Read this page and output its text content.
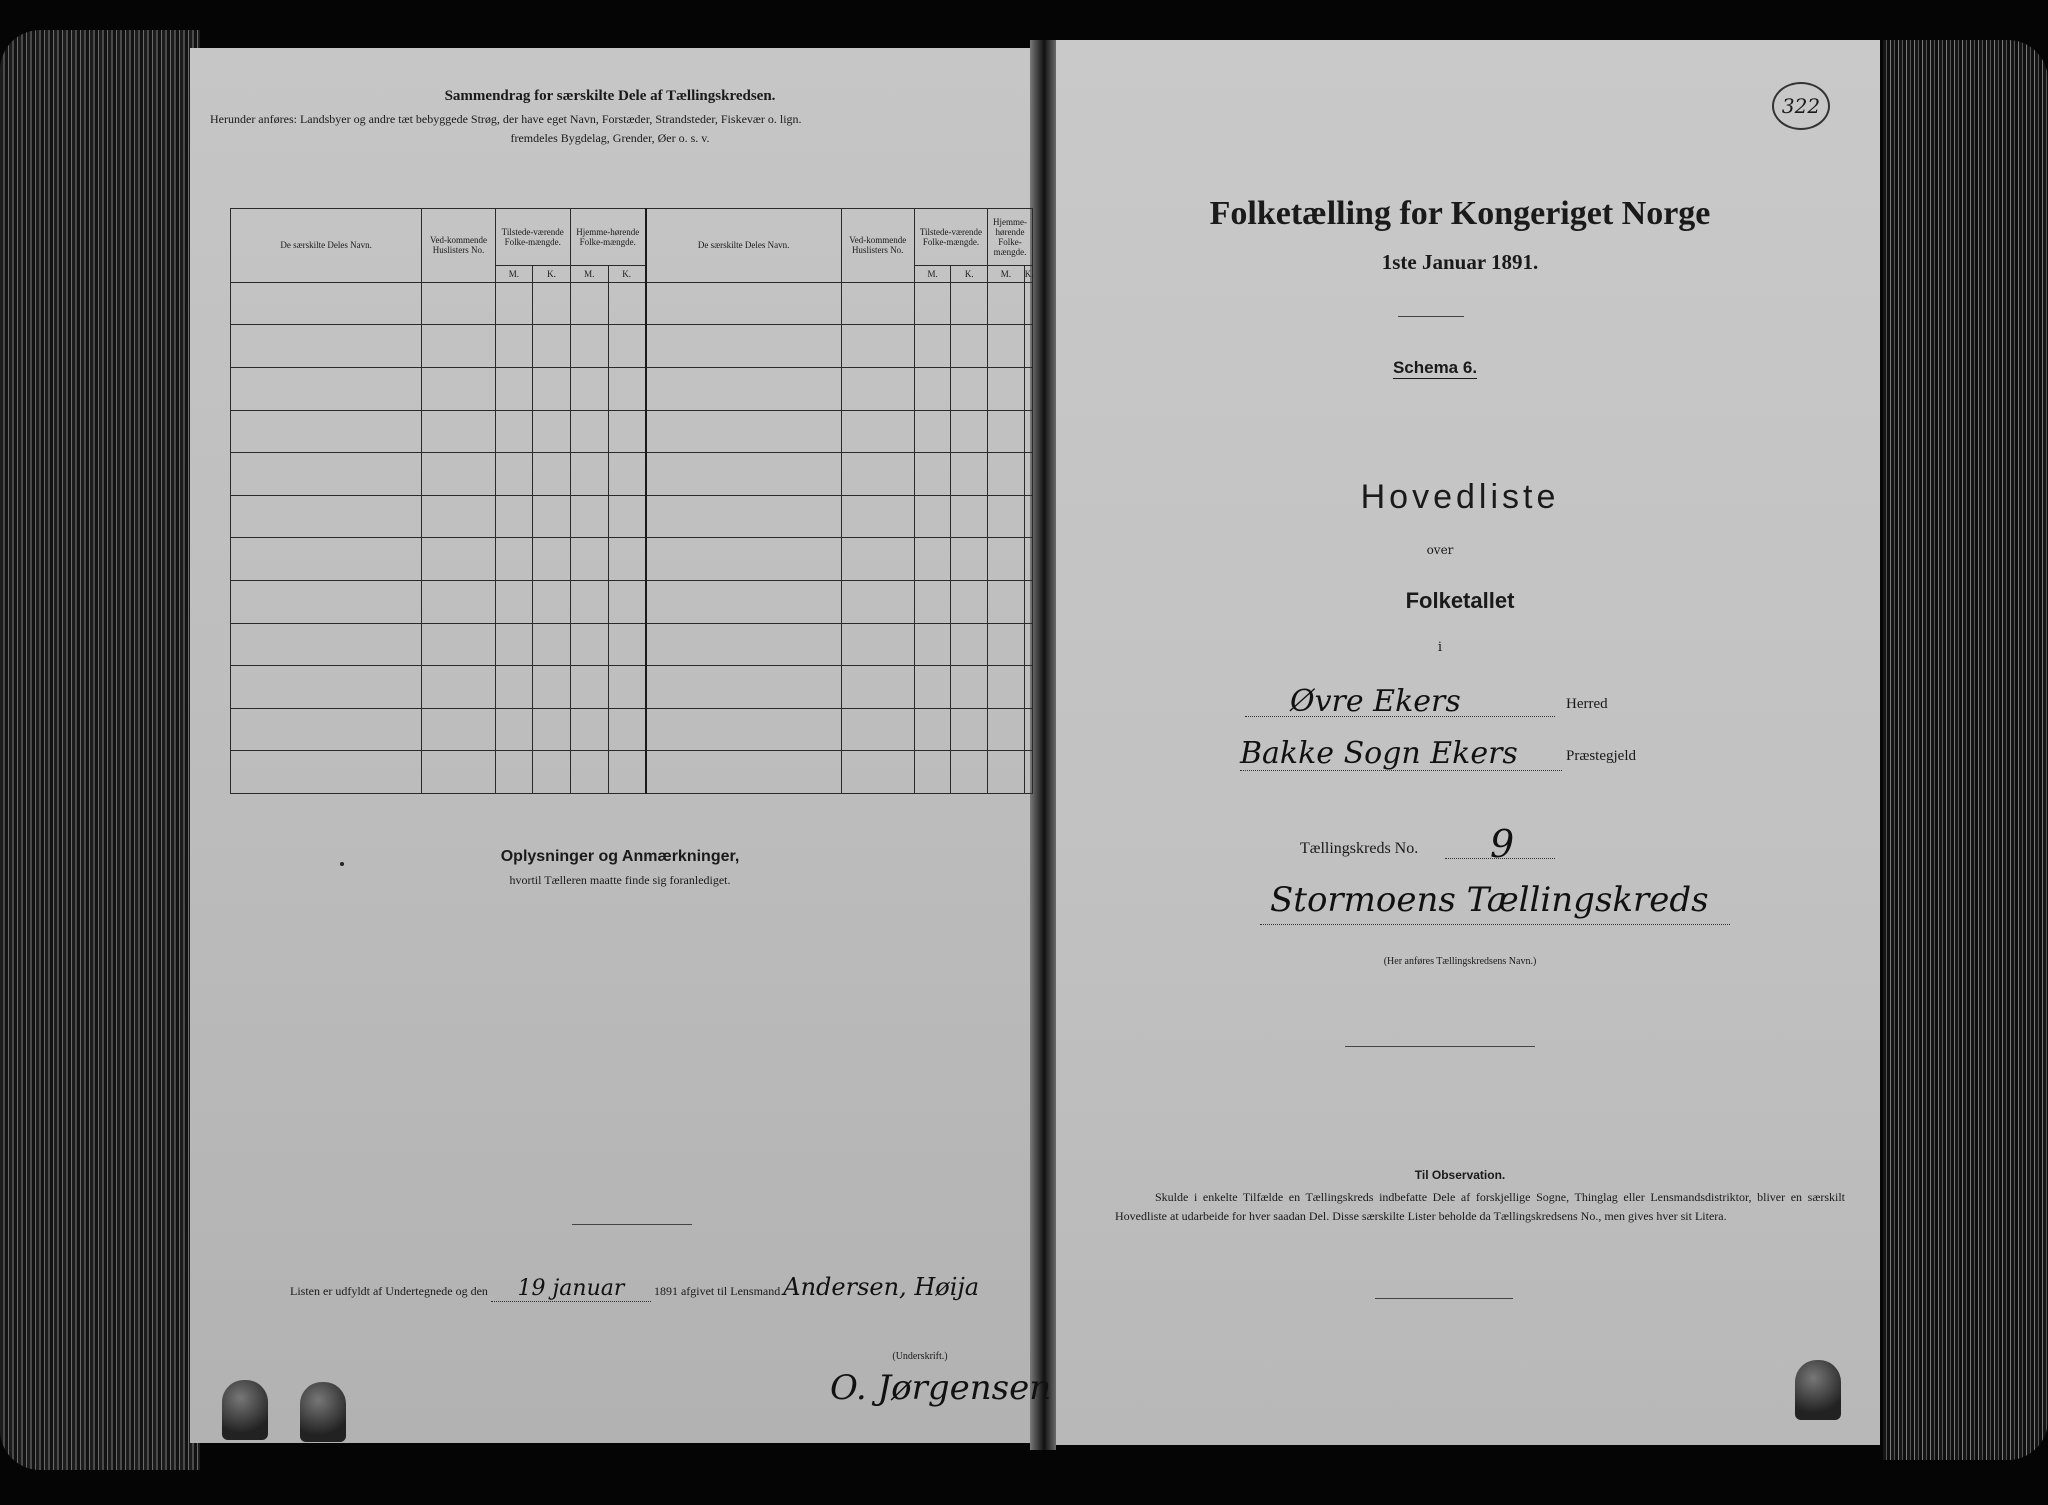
Sammendrag for særskilte Dele af Tællingskredsen.
Herunder anføres: Landsbyer og andre tæt bebyggede Strøg, der have eget Navn, Forstæder, Strandsteder, Fiskevær o. lign.
fremdeles Bygdelag, Grender, Øer o. s. v.
De særskilte Deles Navn.	Ved-kommende Huslisters No.	Tilstede-værende Folke-mængde.		Hjemme-hørende Folke-mængde.		De særskilte Deles Navn.	Ved-kommende Huslisters No.	Tilstede-værende Folke-mængde.		Hjemme-hørende Folke-mængde.	
		M.	K.	M.	K.			M.	K.	M.	K.

Oplysninger og Anmærkninger,
hvortil Tælleren maatte finde sig foranlediget.
Listen er udfyldt af Undertegnede og den 19 januar 1891 afgivet til Lensmand Andersen, Høija
(Underskrift.)
O. Jørgensen
322
Folketælling for Kongeriget Norge
1ste Januar 1891.
Schema 6.
Hovedliste
over
Folketallet
i
Øvre Ekers	Herred
Bakke Sogn Ekers	Præstegjeld
Tællingskreds No. 9
Stormoens Tællingskreds
(Her anføres Tællingskredsens Navn.)
Til Observation.
Skulde i enkelte Tilfælde en Tællingskreds indbefatte Dele af forskjellige Sogne, Thinglag eller Lensmandsdistriktor, bliver en særskilt Hovedliste at udarbeide for hver saadan Del. Disse særskilte Lister beholde da Tællingskredsens No., men gives hver sit Litera.
